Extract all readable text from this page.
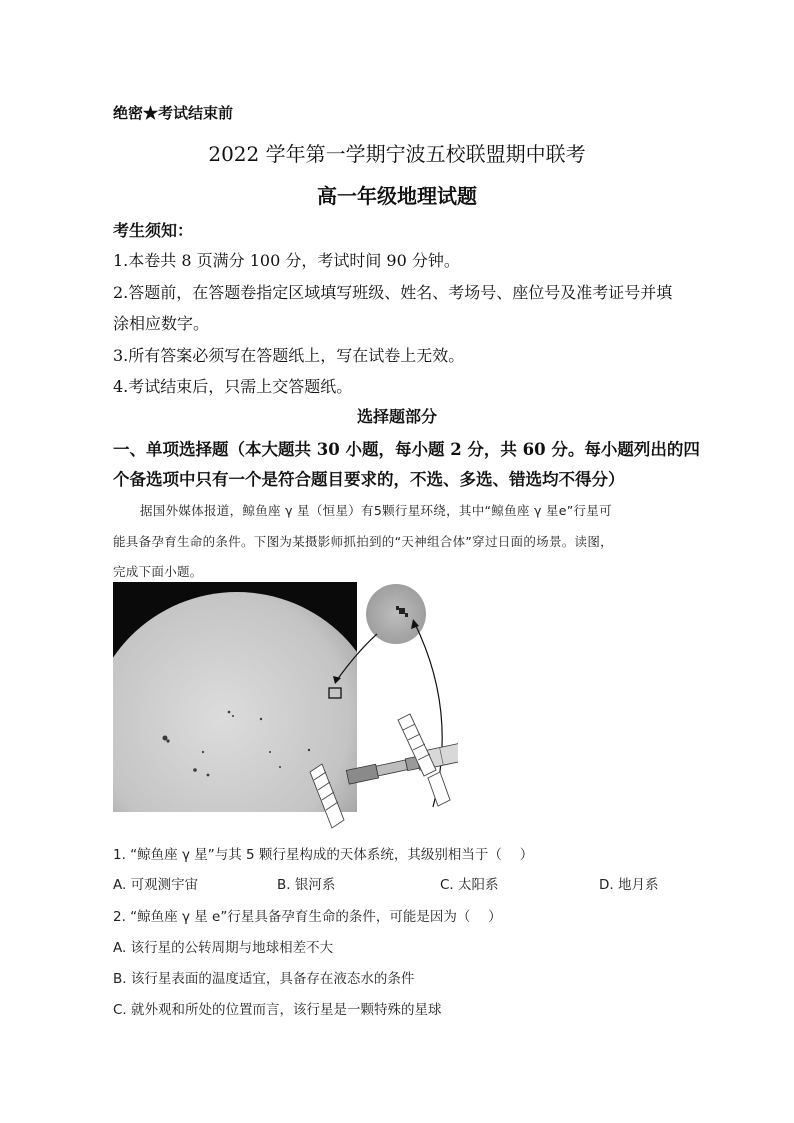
绝密★考试结束前
2022 学年第一学期宁波五校联盟期中联考
高一年级地理试题
考生须知：
1.本卷共 8 页满分 100 分，考试时间 90 分钟。
2.答题前，在答题卷指定区域填写班级、姓名、考场号、座位号及准考证号并填
涂相应数字。
3.所有答案必须写在答题纸上，写在试卷上无效。
4.考试结束后，只需上交答题纸。
选择题部分
一、单项选择题（本大题共 30 小题，每小题 2 分，共 60 分。每小题列出的四
个备选项中只有一个是符合题目要求的，不选、多选、错选均不得分）
据国外媒体报道，鲸鱼座 γ 星（恒星）有5颗行星环绕，其中“鲸鱼座 γ 星e”行星可
能具备孕育生命的条件。下图为某摄影师抓拍到的“天神组合体”穿过日面的场景。读图，
完成下面小题。
1. “鲸鱼座 γ 星”与其 5 颗行星构成的天体系统，其级别相当于（　 ）
A. 可观测宇宙	B. 银河系	C. 太阳系	D. 地月系
2. “鲸鱼座 γ 星 e”行星具备孕育生命的条件，可能是因为（　 ）
A. 该行星的公转周期与地球相差不大
B. 该行星表面的温度适宜，具备存在液态水的条件
C. 就外观和所处的位置而言，该行星是一颗特殊的星球
